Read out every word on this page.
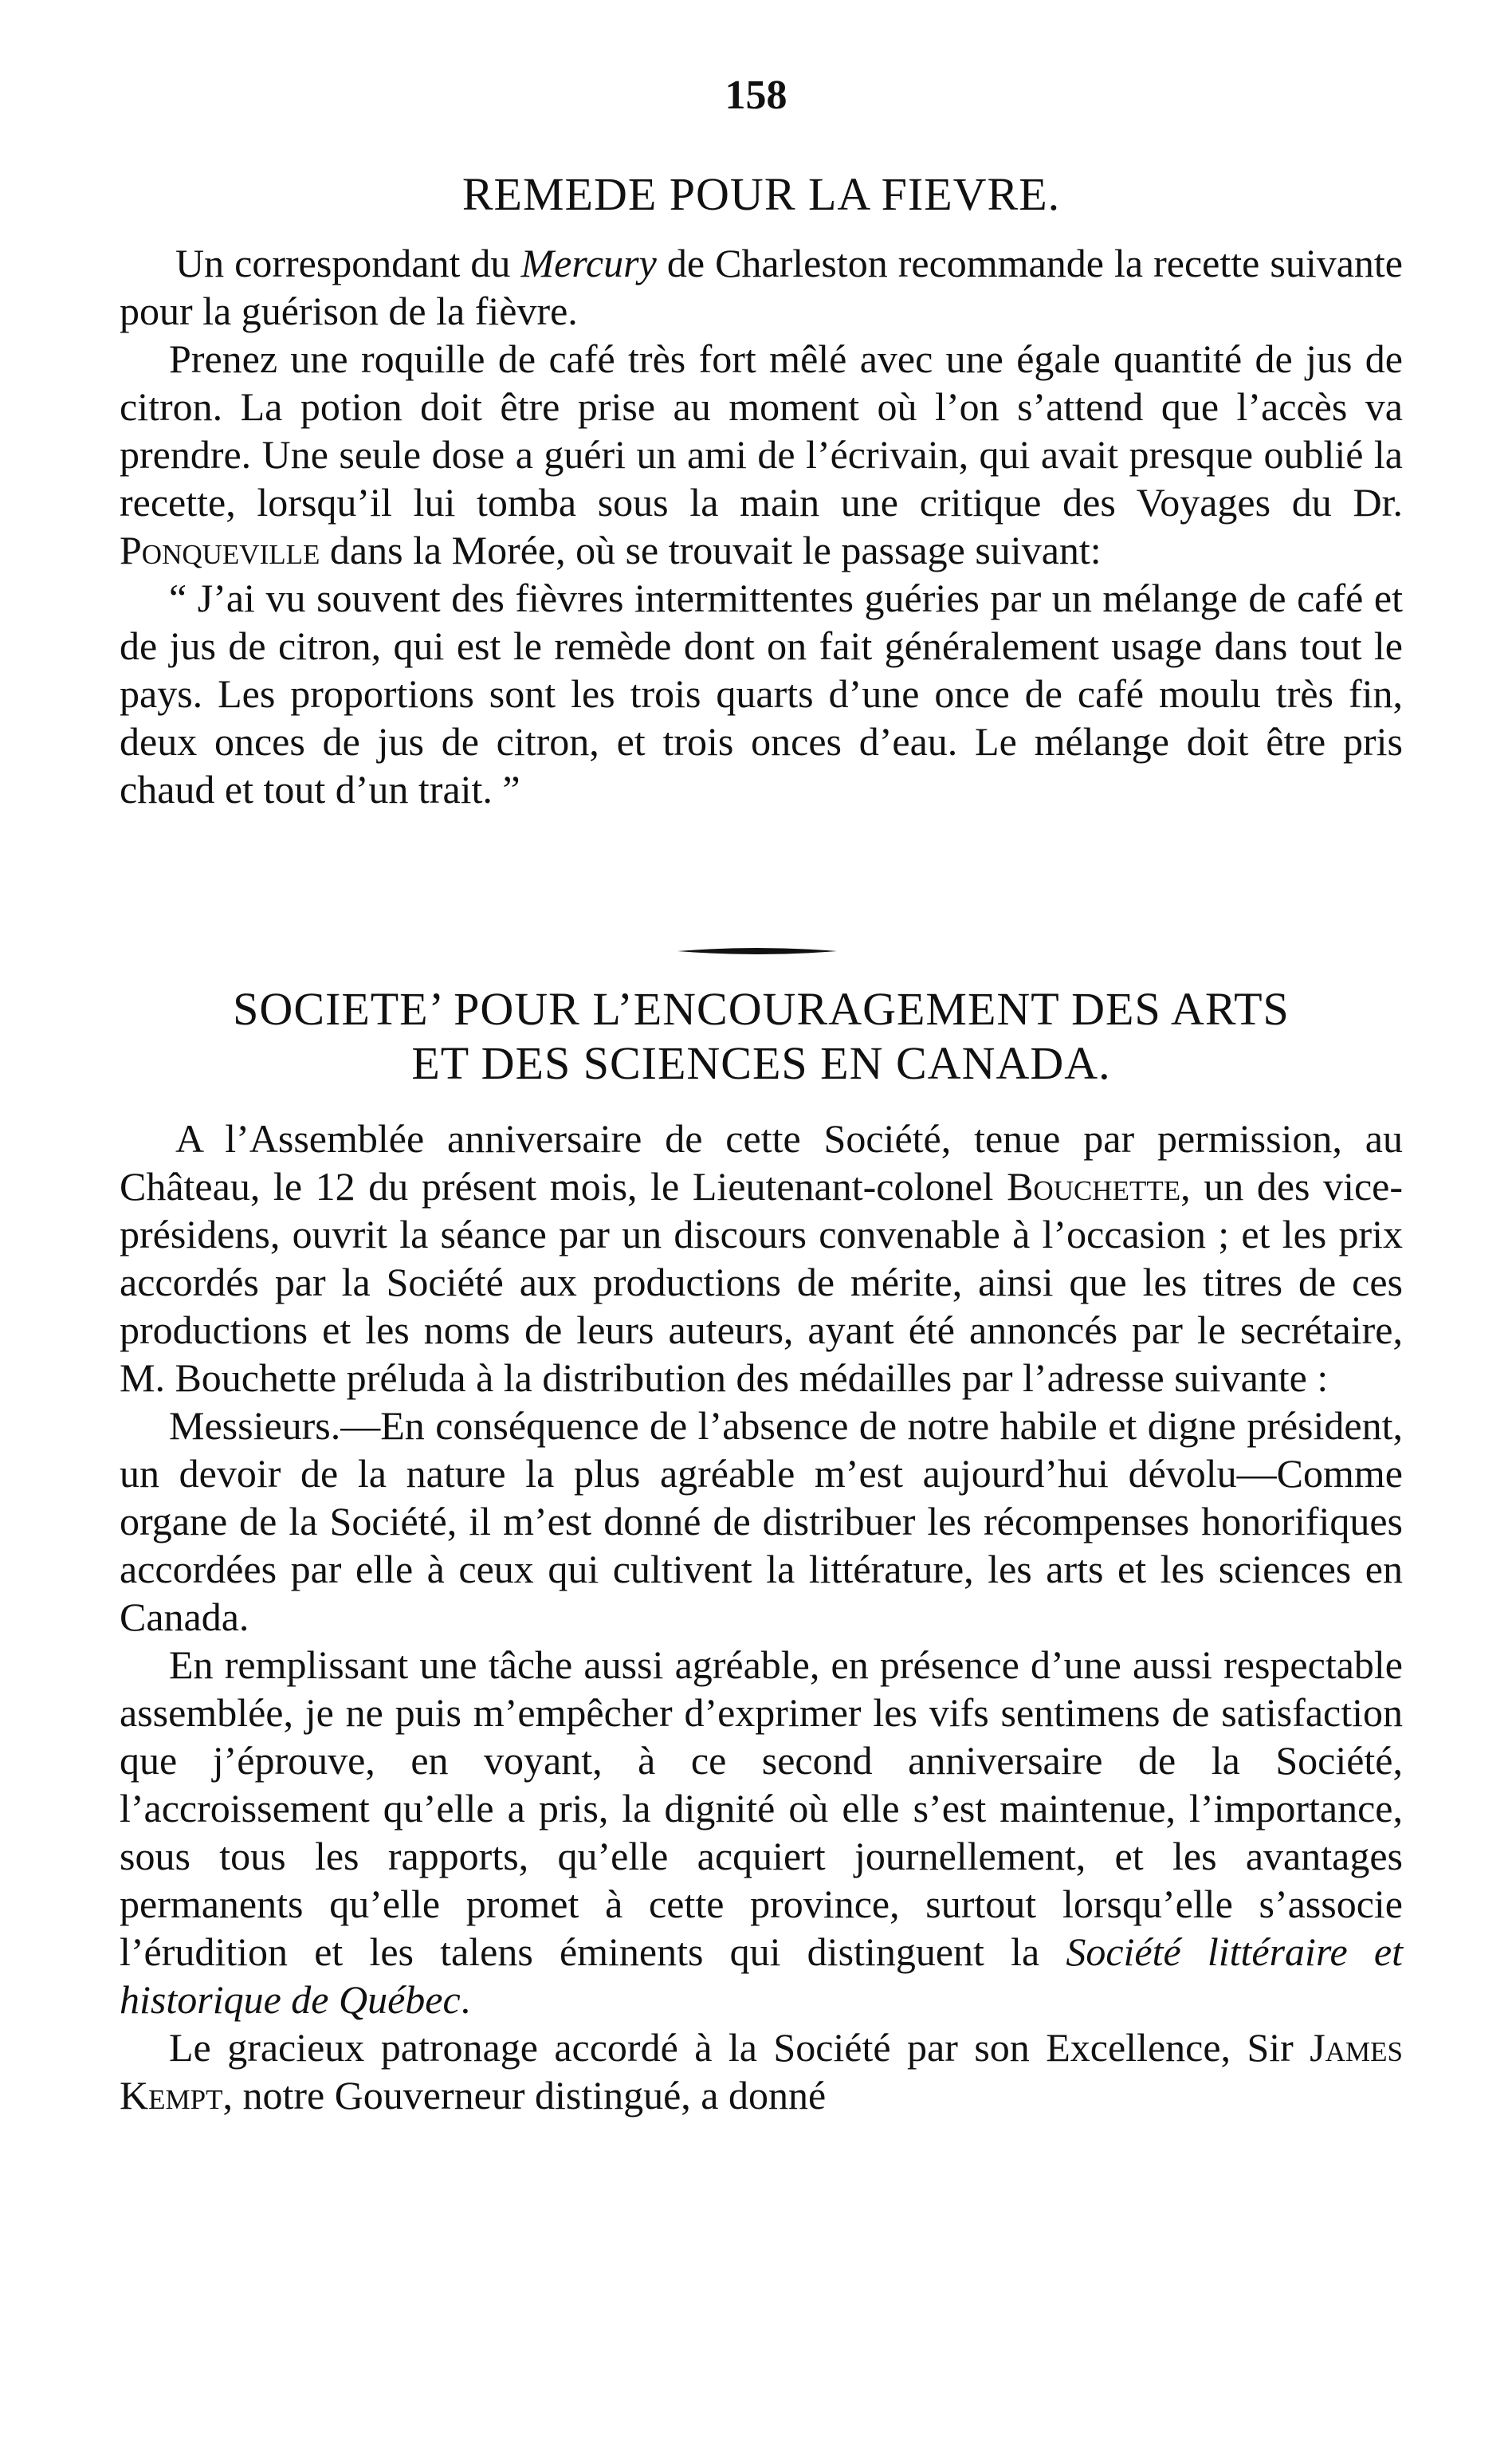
158
REMEDE POUR LA FIEVRE.

Un correspondant du Mercury de Charleston recommande la recette suivante pour la guérison de la fièvre.

Prenez une roquille de café très fort mêlé avec une égale quantité de jus de citron. La potion doit être prise au moment où l’on s’attend que l’accès va prendre. Une seule dose a guéri un ami de l’écrivain, qui avait presque oublié la recette, lorsqu’il lui tomba sous la main une critique des Voyages du Dr. Ponqueville dans la Morée, où se trouvait le passage suivant:

“ J’ai vu souvent des fièvres intermittentes guéries par un mélange de café et de jus de citron, qui est le remède dont on fait généralement usage dans tout le pays. Les proportions sont les trois quarts d’une once de café moulu très fin, deux onces de jus de citron, et trois onces d’eau. Le mélange doit être pris chaud et tout d’un trait. ”

SOCIETE’ POUR L’ENCOURAGEMENT DES ARTS
ET DES SCIENCES EN CANADA.

A l’Assemblée anniversaire de cette Société, tenue par permission, au Château, le 12 du présent mois, le Lieutenant-colonel Bouchette, un des vice-présidens, ouvrit la séance par un discours convenable à l’occasion ; et les prix accordés par la Société aux productions de mérite, ainsi que les titres de ces productions et les noms de leurs auteurs, ayant été annoncés par le secrétaire, M. Bouchette préluda à la distribution des médailles par l’adresse suivante :

Messieurs.—En conséquence de l’absence de notre habile et digne président, un devoir de la nature la plus agréable m’est aujourd’hui dévolu—Comme organe de la Société, il m’est donné de distribuer les récompenses honorifiques accordées par elle à ceux qui cultivent la littérature, les arts et les sciences en Canada.

En remplissant une tâche aussi agréable, en présence d’une aussi respectable assemblée, je ne puis m’empêcher d’exprimer les vifs sentimens de satisfaction que j’éprouve, en voyant, à ce second anniversaire de la Société, l’accroissement qu’elle a pris, la dignité où elle s’est maintenue, l’importance, sous tous les rapports, qu’elle acquiert journellement, et les avantages permanents qu’elle promet à cette province, surtout lorsqu’elle s’associe l’érudition et les talens éminents qui distinguent la Société littéraire et historique de Québec.

Le gracieux patronage accordé à la Société par son Excellence, Sir James Kempt, notre Gouverneur distingué, a donné
